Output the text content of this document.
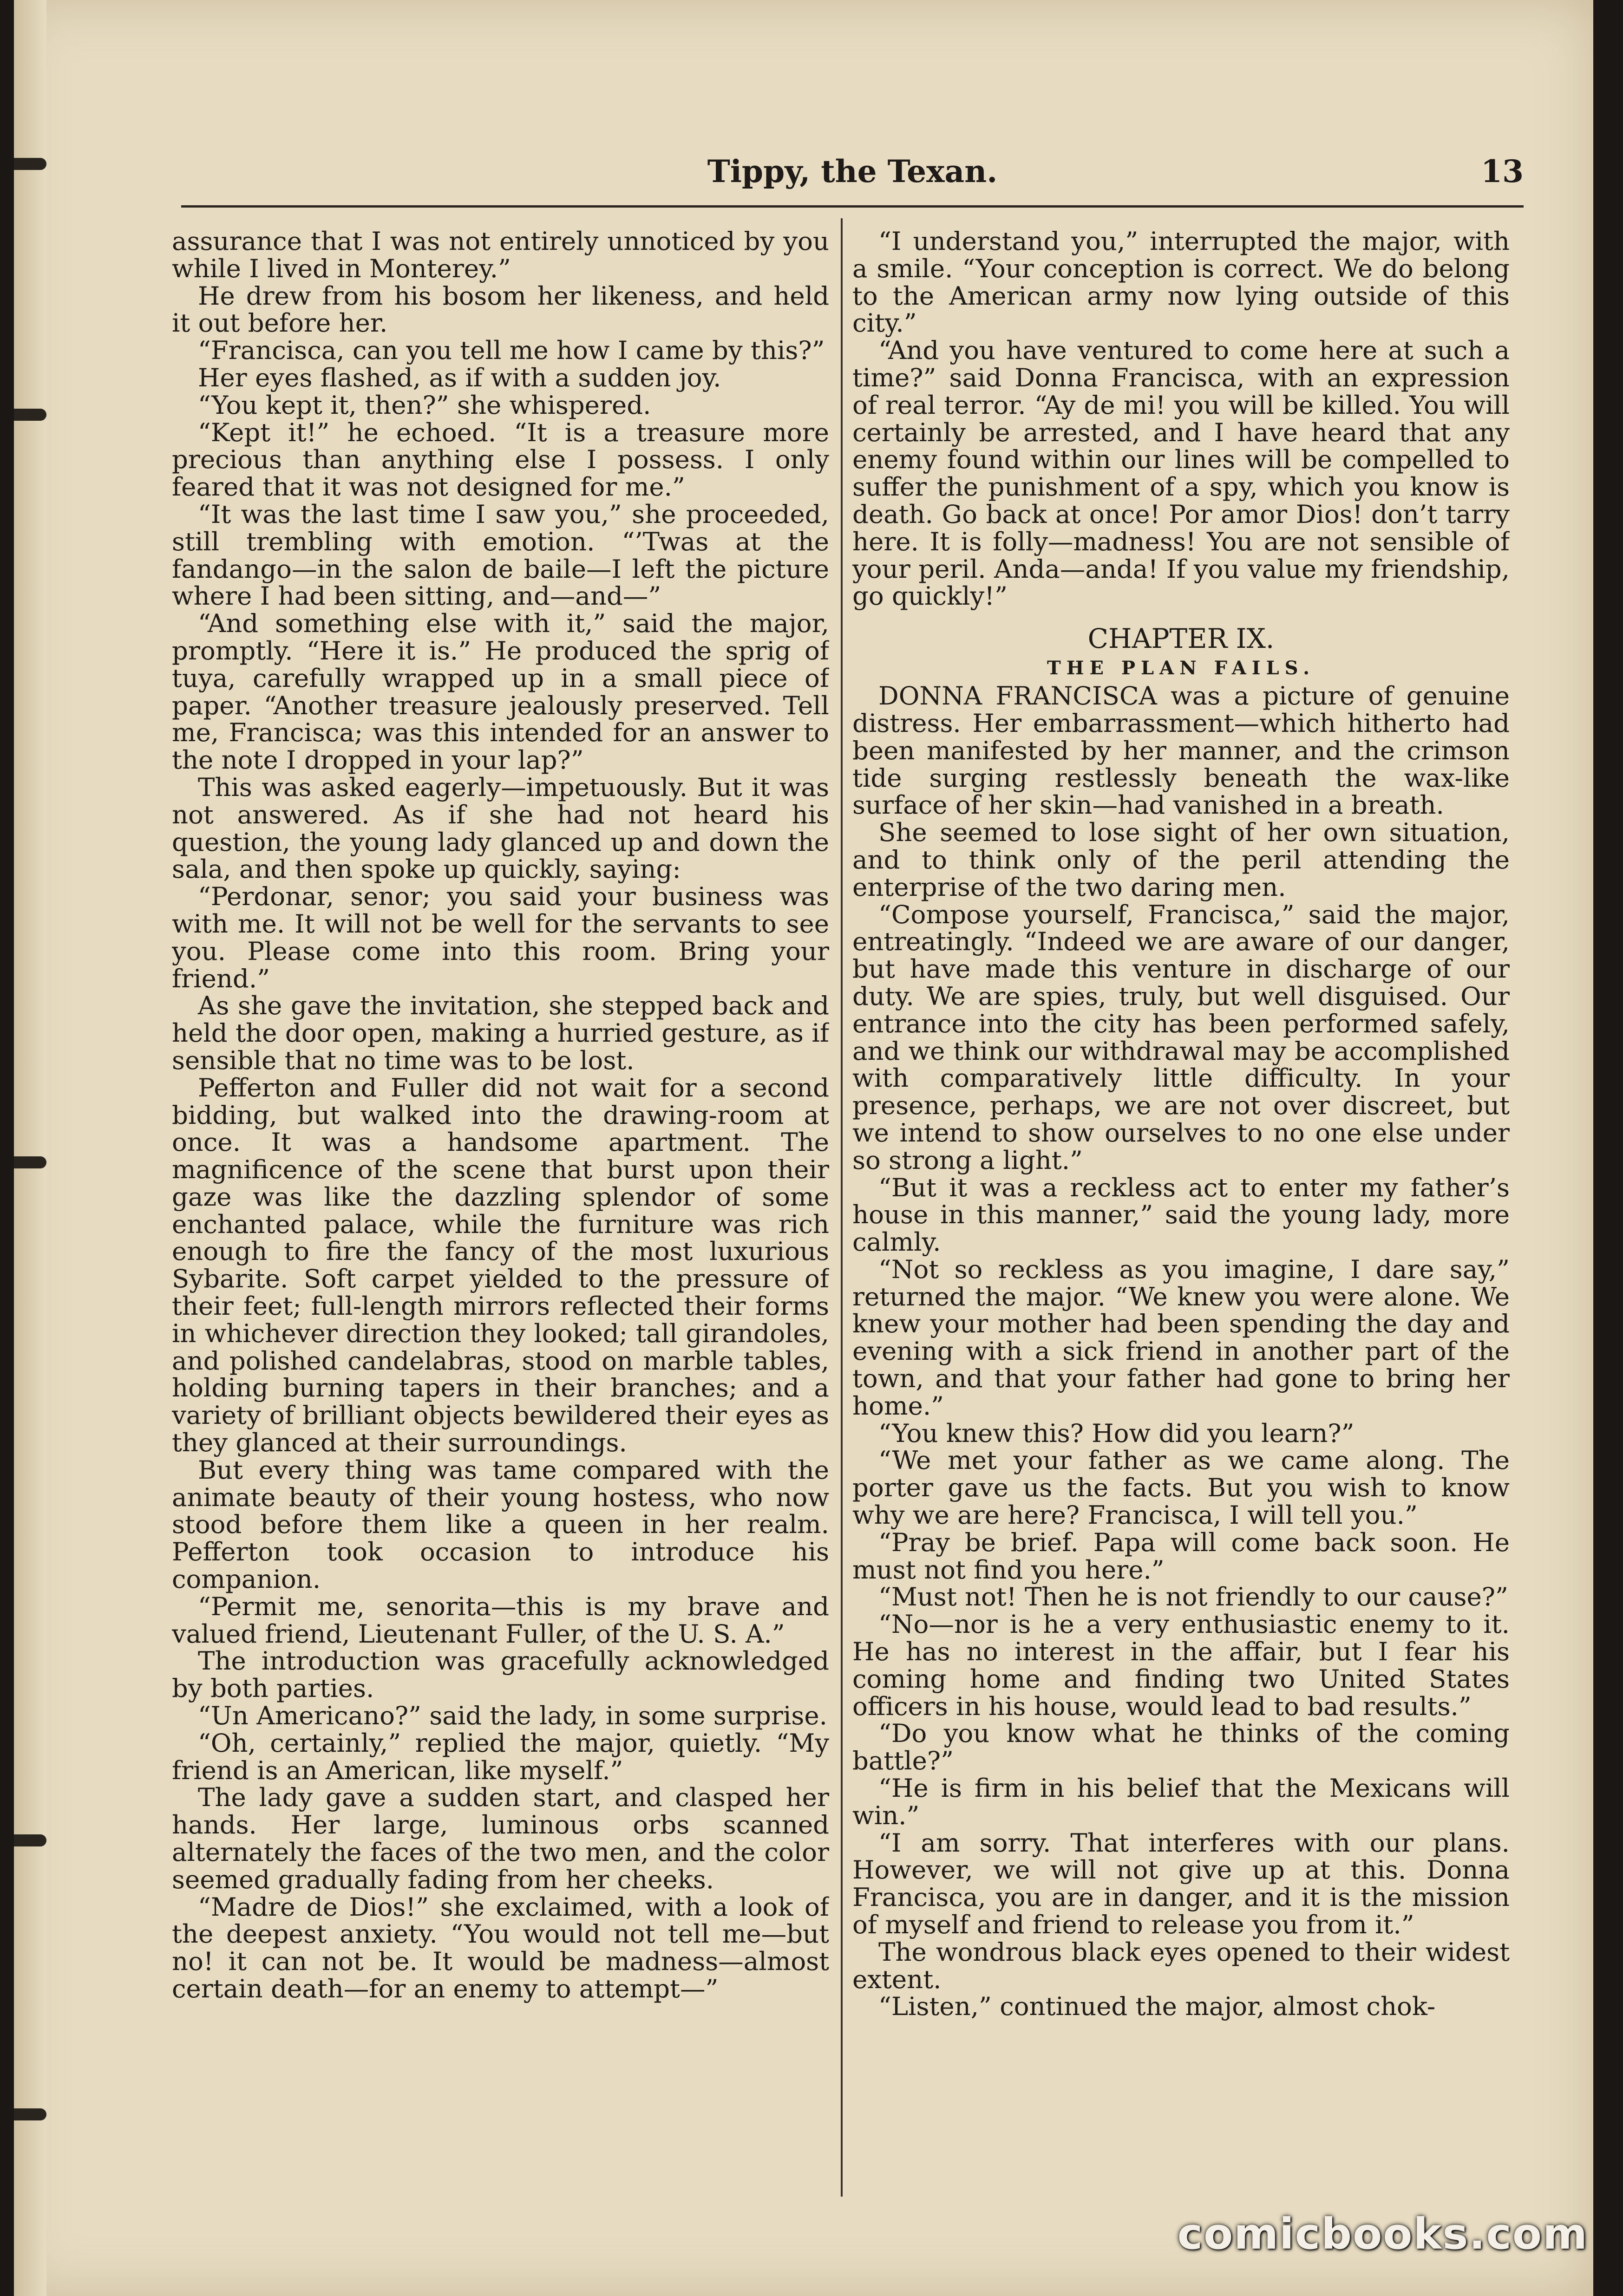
Tippy, the Texan.	13

assurance that I was not entirely unnoticed by you while I lived in Monterey.”

He drew from his bosom her likeness, and held it out before her.

“Francisca, can you tell me how I came by this?”

Her eyes flashed, as if with a sudden joy.

“You kept it, then?” she whispered.

“Kept it!” he echoed. “It is a treasure more precious than anything else I possess. I only feared that it was not designed for me.”

“It was the last time I saw you,” she proceeded, still trembling with emotion. “’Twas at the fandango—in the salon de baile—I left the picture where I had been sitting, and—and—”

“And something else with it,” said the major, promptly. “Here it is.” He produced the sprig of tuya, carefully wrapped up in a small piece of paper. “Another treasure jealously preserved. Tell me, Francisca; was this intended for an answer to the note I dropped in your lap?”

This was asked eagerly—impetuously. But it was not answered. As if she had not heard his question, the young lady glanced up and down the sala, and then spoke up quickly, saying:

“Perdonar, senor; you said your business was with me. It will not be well for the servants to see you. Please come into this room. Bring your friend.”

As she gave the invitation, she stepped back and held the door open, making a hurried gesture, as if sensible that no time was to be lost.

Pefferton and Fuller did not wait for a second bidding, but walked into the drawing-room at once. It was a handsome apartment. The magnificence of the scene that burst upon their gaze was like the dazzling splendor of some enchanted palace, while the furniture was rich enough to fire the fancy of the most luxurious Sybarite. Soft carpet yielded to the pressure of their feet; full-length mirrors reflected their forms in whichever direction they looked; tall girandoles, and polished candelabras, stood on marble tables, holding burning tapers in their branches; and a variety of brilliant objects bewildered their eyes as they glanced at their surroundings.

But every thing was tame compared with the animate beauty of their young hostess, who now stood before them like a queen in her realm. Pefferton took occasion to introduce his companion.

“Permit me, senorita—this is my brave and valued friend, Lieutenant Fuller, of the U. S. A.”

The introduction was gracefully acknowledged by both parties.

“Un Americano?” said the lady, in some surprise.

“Oh, certainly,” replied the major, quietly. “My friend is an American, like myself.”

The lady gave a sudden start, and clasped her hands. Her large, luminous orbs scanned alternately the faces of the two men, and the color seemed gradually fading from her cheeks.

“Madre de Dios!” she exclaimed, with a look of the deepest anxiety. “You would not tell me—but no! it can not be. It would be madness—almost certain death—for an enemy to attempt—”

“I understand you,” interrupted the major, with a smile. “Your conception is correct. We do belong to the American army now lying outside of this city.”

“And you have ventured to come here at such a time?” said Donna Francisca, with an expression of real terror. “Ay de mi! you will be killed. You will certainly be arrested, and I have heard that any enemy found within our lines will be compelled to suffer the punishment of a spy, which you know is death. Go back at once! Por amor Dios! don’t tarry here. It is folly—madness! You are not sensible of your peril. Anda—anda! If you value my friendship, go quickly!”

CHAPTER IX.
THE PLAN FAILS.

DONNA FRANCISCA was a picture of genuine distress. Her embarrassment—which hitherto had been manifested by her manner, and the crimson tide surging restlessly beneath the wax-like surface of her skin—had vanished in a breath.

She seemed to lose sight of her own situation, and to think only of the peril attending the enterprise of the two daring men.

“Compose yourself, Francisca,” said the major, entreatingly. “Indeed we are aware of our danger, but have made this venture in discharge of our duty. We are spies, truly, but well disguised. Our entrance into the city has been performed safely, and we think our withdrawal may be accomplished with comparatively little difficulty. In your presence, perhaps, we are not over discreet, but we intend to show ourselves to no one else under so strong a light.”

“But it was a reckless act to enter my father’s house in this manner,” said the young lady, more calmly.

“Not so reckless as you imagine, I dare say,” returned the major. “We knew you were alone. We knew your mother had been spending the day and evening with a sick friend in another part of the town, and that your father had gone to bring her home.”

“You knew this? How did you learn?”

“We met your father as we came along. The porter gave us the facts. But you wish to know why we are here? Francisca, I will tell you.”

“Pray be brief. Papa will come back soon. He must not find you here.”

“Must not! Then he is not friendly to our cause?”

“No—nor is he a very enthusiastic enemy to it. He has no interest in the affair, but I fear his coming home and finding two United States officers in his house, would lead to bad results.”

“Do you know what he thinks of the coming battle?”

“He is firm in his belief that the Mexicans will win.”

“I am sorry. That interferes with our plans. However, we will not give up at this. Donna Francisca, you are in danger, and it is the mission of myself and friend to release you from it.”

The wondrous black eyes opened to their widest extent.

“Listen,” continued the major, almost chok-

comicbooks.com
